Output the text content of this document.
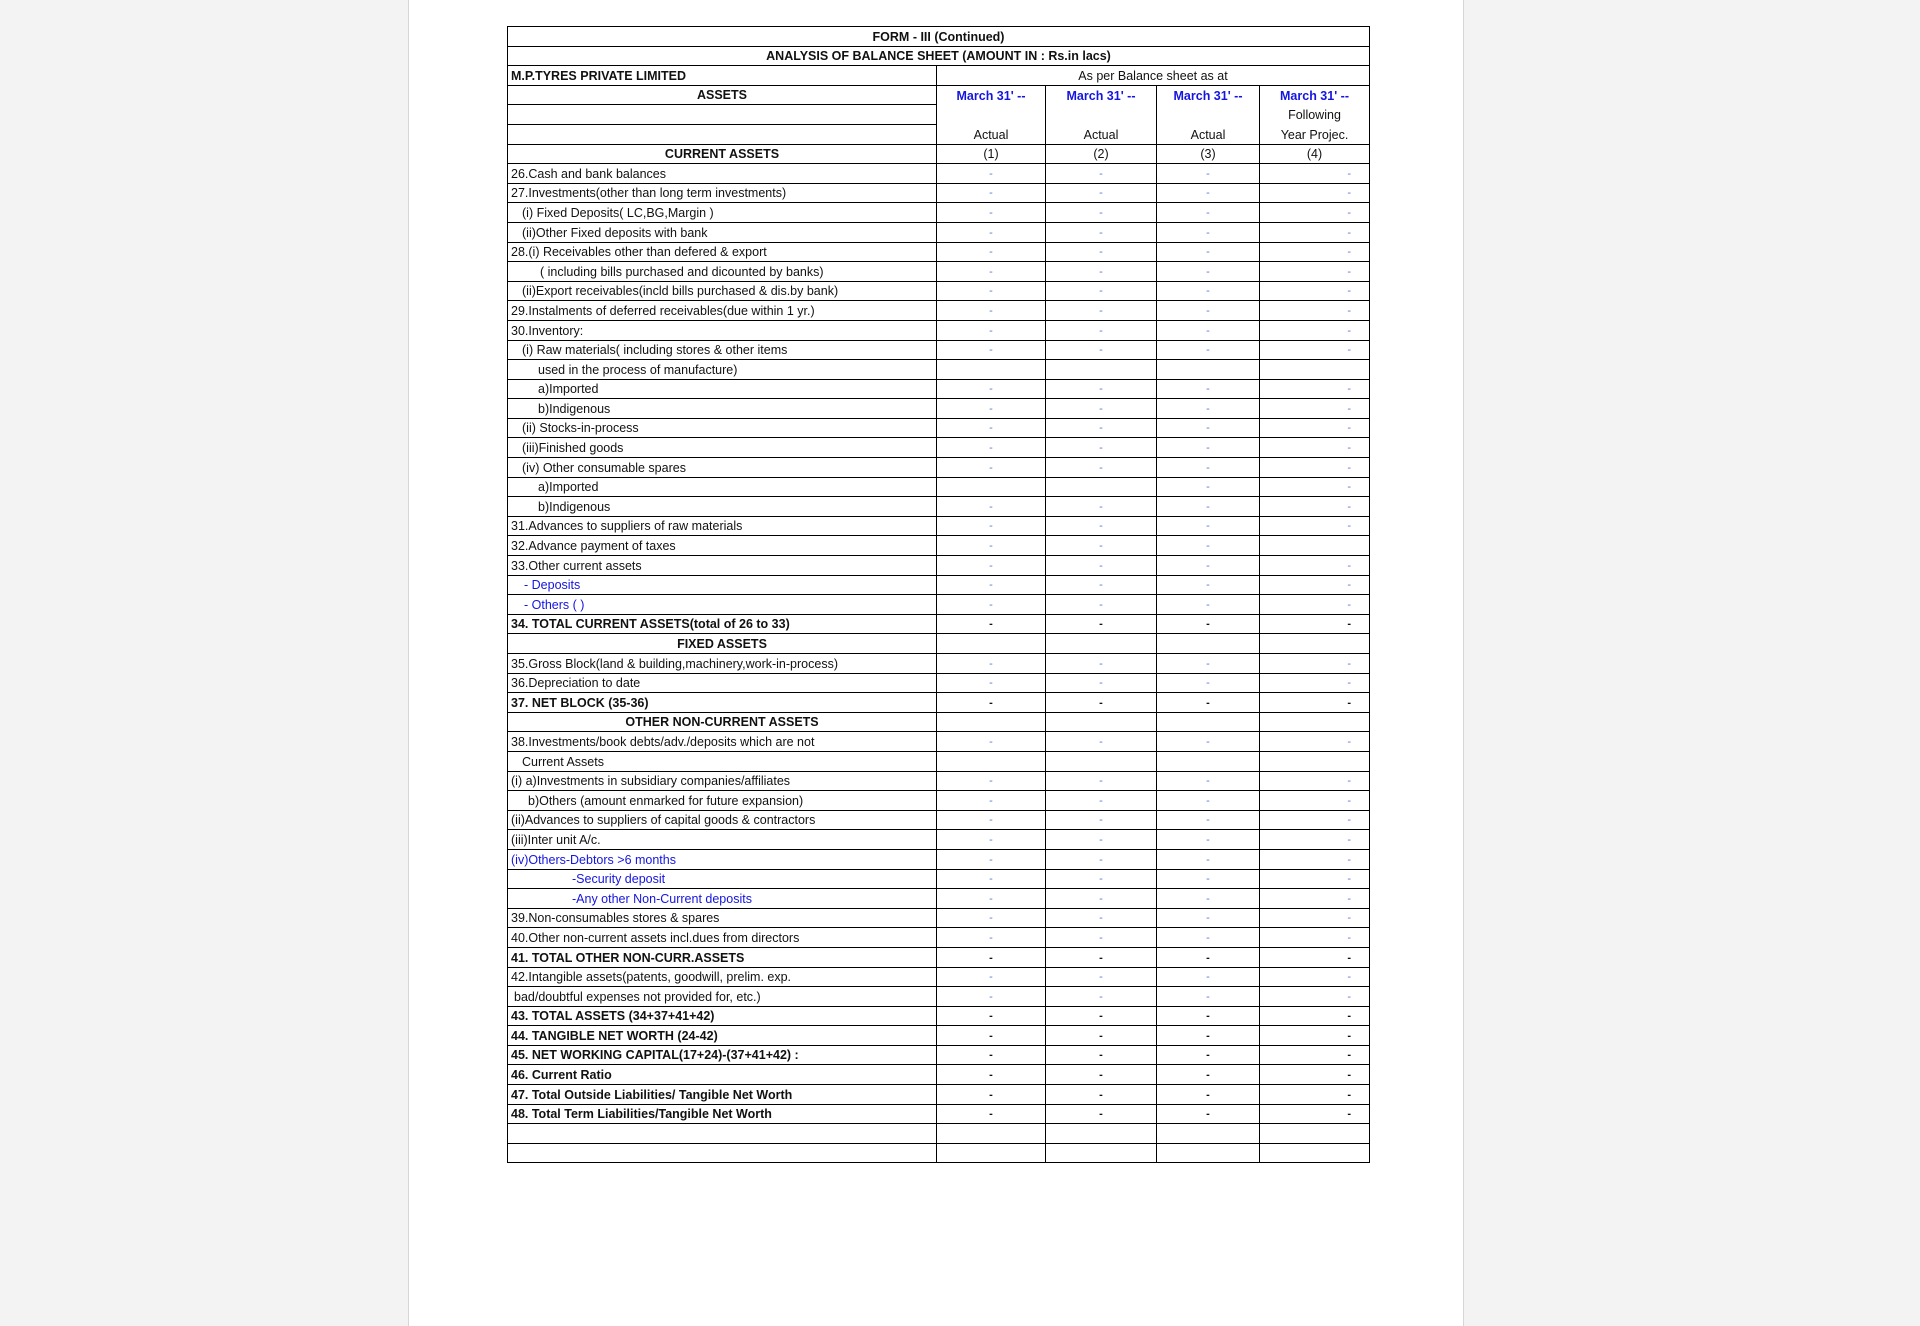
FORM - III (Continued)				
ANALYSIS OF BALANCE SHEET (AMOUNT IN : Rs.in lacs)				
M.P.TYRES PRIVATE LIMITED	As per Balance sheet as at			
ASSETS	March 31' --	March 31' --	March 31' --	March 31' --
				Following
	Actual	Actual	Actual	Year Projec.
CURRENT ASSETS	(1)	(2)	(3)	(4)
26.Cash and bank balances	-	-	-	-
27.Investments(other than long term investments)	-	-	-	-
(i) Fixed Deposits( LC,BG,Margin )	-	-	-	-
(ii)Other Fixed deposits with bank	-	-	-	-
28.(i) Receivables other than defered & export	-	-	-	-
( including bills purchased and dicounted by banks)	-	-	-	-
(ii)Export receivables(incld bills purchased & dis.by bank)	-	-	-	-
29.Instalments of deferred receivables(due within 1 yr.)	-	-	-	-
30.Inventory:	-	-	-	-
(i) Raw materials( including stores & other items	-	-	-	-
used in the process of manufacture)				
a)Imported	-	-	-	-
b)Indigenous	-	-	-	-
(ii) Stocks-in-process	-	-	-	-
(iii)Finished goods	-	-	-	-
(iv) Other consumable spares	-	-	-	-
a)Imported			-	-
b)Indigenous	-	-	-	-
31.Advances to suppliers of raw materials	-	-	-	-
32.Advance payment of taxes	-	-	-	
33.Other current assets	-	-	-	-
- Deposits	-	-	-	-
- Others ( )	-	-	-	-
34. TOTAL CURRENT ASSETS(total of 26 to 33)	-	-	-	-
FIXED ASSETS				
35.Gross Block(land & building,machinery,work-in-process)	-	-	-	-
36.Depreciation to date	-	-	-	-
37. NET BLOCK (35-36)	-	-	-	-
OTHER NON-CURRENT ASSETS				
38.Investments/book debts/adv./deposits which are not	-	-	-	-
Current Assets				
(i) a)Investments in subsidiary companies/affiliates	-	-	-	-
b)Others (amount enmarked for future expansion)	-	-	-	-
(ii)Advances to suppliers of capital goods & contractors	-	-	-	-
(iii)Inter unit A/c.	-	-	-	-
(iv)Others-Debtors >6 months	-	-	-	-
-Security deposit	-	-	-	-
-Any other Non-Current deposits	-	-	-	-
39.Non-consumables stores & spares	-	-	-	-
40.Other non-current assets incl.dues from directors	-	-	-	-
41. TOTAL OTHER NON-CURR.ASSETS	-	-	-	-
42.Intangible assets(patents, goodwill, prelim. exp.	-	-	-	-
bad/doubtful expenses not provided for, etc.)	-	-	-	-
43. TOTAL ASSETS (34+37+41+42)	-	-	-	-
44. TANGIBLE NET WORTH (24-42)	-	-	-	-
45. NET WORKING CAPITAL(17+24)-(37+41+42) :	-	-	-	-
46. Current Ratio	-	-	-	-
47. Total Outside Liabilities/ Tangible Net Worth	-	-	-	-
48. Total Term Liabilities/Tangible Net Worth	-	-	-	-
